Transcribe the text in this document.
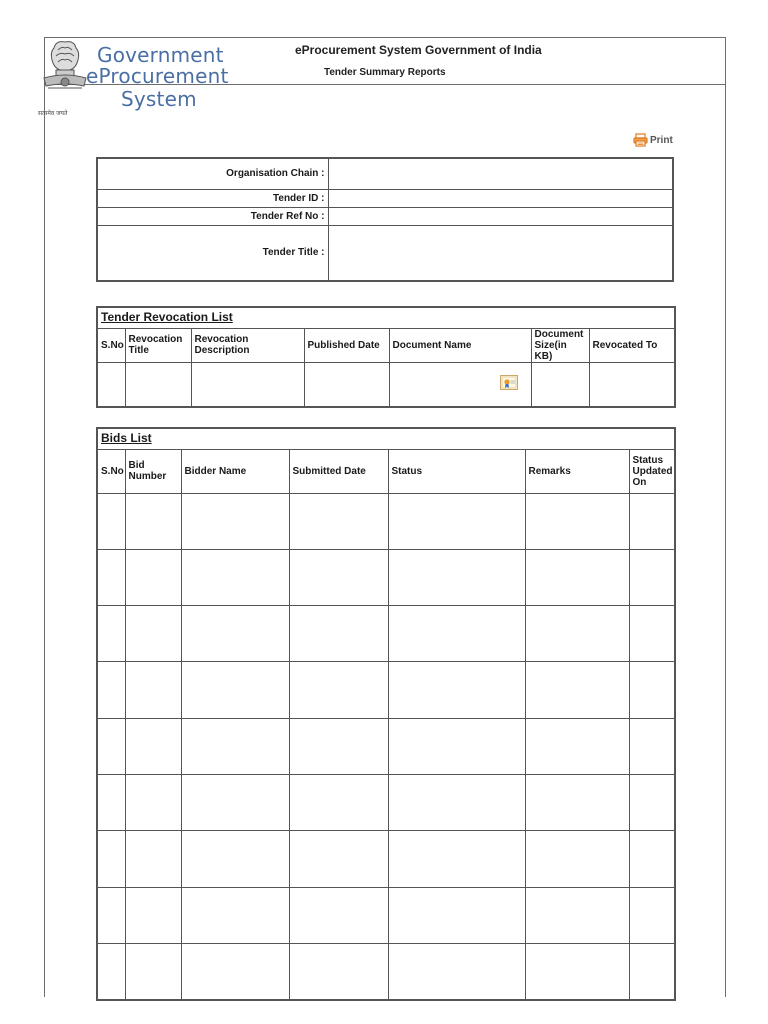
सत्यमेव जयते
Government
eProcurement
System
eProcurement System Government of India
Tender Summary Reports
Print
Organisation Chain :	
Tender ID :	
Tender Ref No :	
Tender Title :	
Tender Revocation List						
S.No	Revocation Title	Revocation Description	Published Date	Document Name	Document Size(in KB)	Revocated To

Bids List						
S.No	Bid Number	Bidder Name	Submitted Date	Status	Remarks	Status Updated On
